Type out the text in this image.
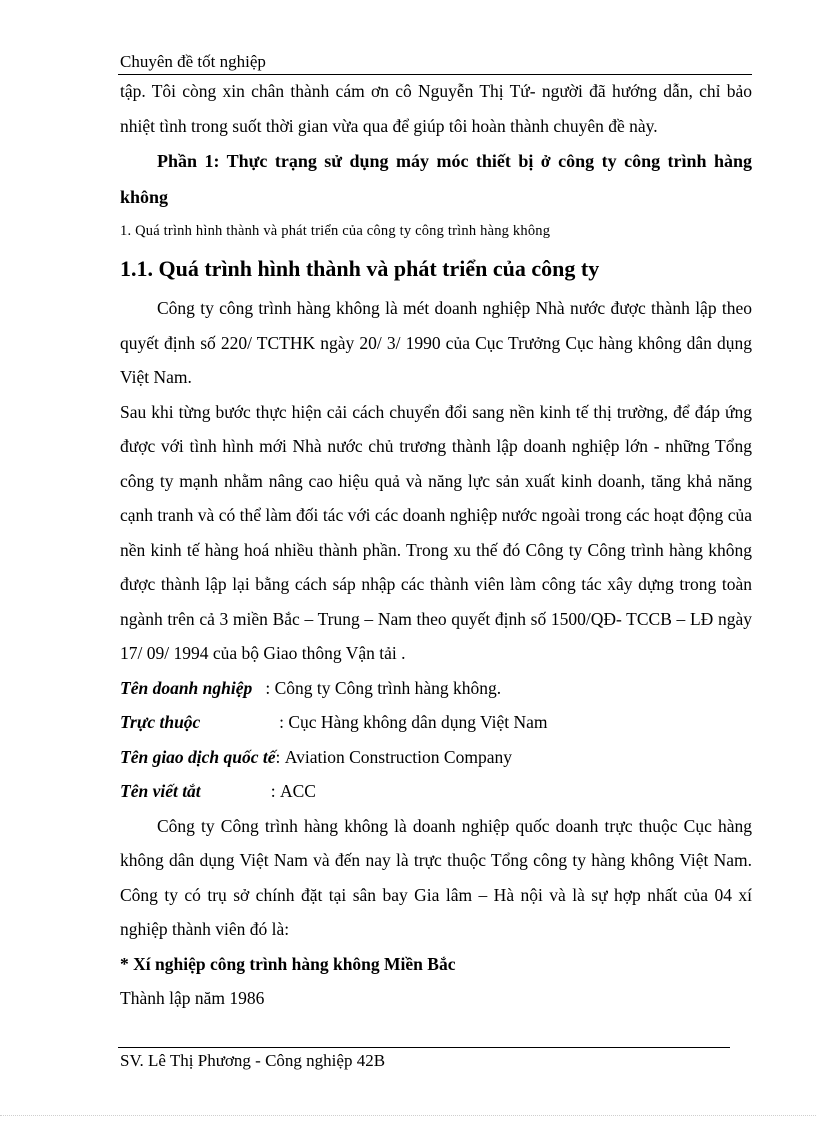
Chuyên đề tốt nghiệp

tập. Tôi còng xin chân thành cám ơn cô Nguyễn Thị Tứ- người đã hướng dẫn, chỉ bảo nhiệt tình trong suốt thời gian vừa qua để giúp tôi hoàn thành chuyên đề này.

Phần 1: Thực trạng sử dụng máy móc thiết bị ở công ty công trình hàng không

1. Quá trình hình thành và phát triển của công ty công trình hàng không

1.1. Quá trình hình thành và phát triển của công ty

Công ty công trình hàng không là mét doanh nghiệp Nhà nước được thành lập theo quyết định số 220/ TCTHK ngày 20/ 3/ 1990 của Cục Trưởng Cục hàng không dân dụng Việt Nam.

Sau khi từng bước thực hiện cải cách chuyển đổi sang nền kinh tế thị trường, để đáp ứng được với tình hình mới Nhà nước chủ trương thành lập doanh nghiệp lớn - những Tổng công ty mạnh nhằm nâng cao hiệu quả và năng lực sản xuất kinh doanh, tăng khả năng cạnh tranh và có thể làm đối tác với các doanh nghiệp nước ngoài trong các hoạt động của nền kinh tế hàng hoá nhiều thành phần. Trong xu thế đó Công ty Công trình hàng không được thành lập lại bằng cách sáp nhập các thành viên làm công tác xây dựng trong toàn ngành trên cả 3 miền Bắc – Trung – Nam theo quyết định số 1500/QĐ- TCCB – LĐ ngày 17/ 09/ 1994 của bộ Giao thông Vận tải .

Tên doanh nghiệp : Công ty Công trình hàng không.
Trực thuộc : Cục Hàng không dân dụng Việt Nam
Tên giao dịch quốc tế : Aviation Construction Company
Tên viết tắt : ACC

Công ty Công trình hàng không là doanh nghiệp quốc doanh trực thuộc Cục hàng không dân dụng Việt Nam và đến nay là trực thuộc Tổng công ty hàng không Việt Nam. Công ty có trụ sở chính đặt tại sân bay Gia lâm – Hà nội và là sự hợp nhất của 04 xí nghiệp thành viên đó là:

* Xí nghiệp công trình hàng không Miền Bắc

Thành lập năm 1986

SV. Lê Thị Phương - Công nghiệp 42B
